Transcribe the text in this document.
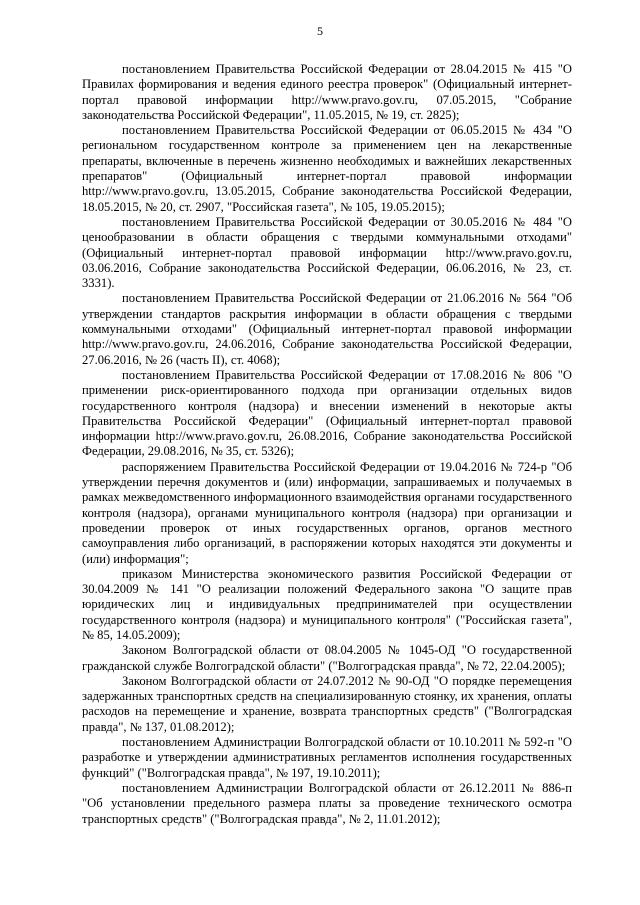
5

постановлением Правительства Российской Федерации от 28.04.2015 № 415 "О Правилах формирования и ведения единого реестра проверок" (Официальный интернет-портал правовой информации http://www.pravo.gov.ru, 07.05.2015, "Собрание законодательства Российской Федерации", 11.05.2015, № 19, ст. 2825);

постановлением Правительства Российской Федерации от 06.05.2015 № 434 "О региональном государственном контроле за применением цен на лекарственные препараты, включенные в перечень жизненно необходимых и важнейших лекарственных препаратов" (Официальный интернет-портал правовой информации http://www.pravo.gov.ru, 13.05.2015, Собрание законодательства Российской Федерации, 18.05.2015, № 20, ст. 2907, "Российская газета", № 105, 19.05.2015);

постановлением Правительства Российской Федерации от 30.05.2016 № 484 "О ценообразовании в области обращения с твердыми коммунальными отходами" (Официальный интернет-портал правовой информации http://www.pravo.gov.ru, 03.06.2016, Собрание законодательства Российской Федерации, 06.06.2016, № 23, ст. 3331).

постановлением Правительства Российской Федерации от 21.06.2016 № 564 "Об утверждении стандартов раскрытия информации в области обращения с твердыми коммунальными отходами" (Официальный интернет-портал правовой информации http://www.pravo.gov.ru, 24.06.2016, Собрание законодательства Российской Федерации, 27.06.2016, № 26 (часть II), ст. 4068);

постановлением Правительства Российской Федерации от 17.08.2016 № 806 "О применении риск-ориентированного подхода при организации отдельных видов государственного контроля (надзора) и внесении изменений в некоторые акты Правительства Российской Федерации" (Официальный интернет-портал правовой информации http://www.pravo.gov.ru, 26.08.2016, Собрание законодательства Российской Федерации, 29.08.2016, № 35, ст. 5326);

распоряжением Правительства Российской Федерации от 19.04.2016 № 724-р "Об утверждении перечня документов и (или) информации, запрашиваемых и получаемых в рамках межведомственного информационного взаимодействия органами государственного контроля (надзора), органами муниципального контроля (надзора) при организации и проведении проверок от иных государственных органов, органов местного самоуправления либо организаций, в распоряжении которых находятся эти документы и (или) информация";

приказом Министерства экономического развития Российской Федерации от 30.04.2009 № 141 "О реализации положений Федерального закона "О защите прав юридических лиц и индивидуальных предпринимателей при осуществлении государственного контроля (надзора) и муниципального контроля" ("Российская газета", № 85, 14.05.2009);

Законом Волгоградской области от 08.04.2005 № 1045-ОД "О государственной гражданской службе Волгоградской области" ("Волгоградская правда", № 72, 22.04.2005);

Законом Волгоградской области от 24.07.2012 № 90-ОД "О порядке перемещения задержанных транспортных средств на специализированную стоянку, их хранения, оплаты расходов на перемещение и хранение, возврата транспортных средств" ("Волгоградская правда", № 137, 01.08.2012);

постановлением Администрации Волгоградской области от 10.10.2011 № 592-п "О разработке и утверждении административных регламентов исполнения государственных функций" ("Волгоградская правда", № 197, 19.10.2011);

постановлением Администрации Волгоградской области от 26.12.2011 № 886-п "Об установлении предельного размера платы за проведение технического осмотра транспортных средств" ("Волгоградская правда", № 2, 11.01.2012);
